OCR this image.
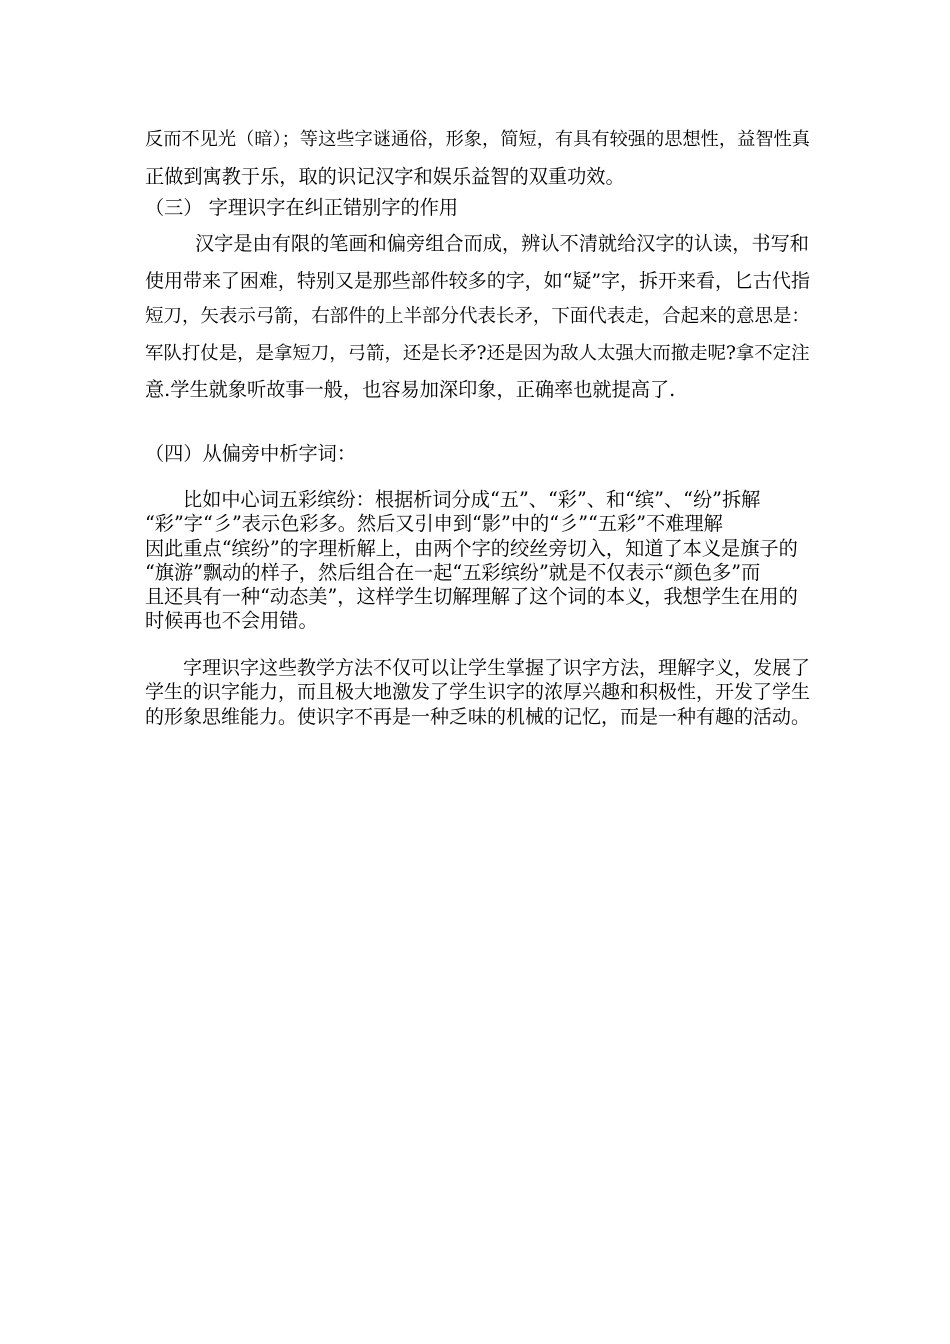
反而不见光（暗）；等这些字谜通俗，形象，简短，有具有较强的思想性，益智性真
正做到寓教于乐，取的识记汉字和娱乐益智的双重功效。
（三） 字理识字在纠正错别字的作用
汉字是由有限的笔画和偏旁组合而成，辨认不清就给汉字的认读，书写和
使用带来了困难，特别又是那些部件较多的字，如“疑”字，拆开来看，匕古代指
短刀，矢表示弓箭，右部件的上半部分代表长矛，下面代表走，合起来的意思是：
军队打仗是，是拿短刀，弓箭，还是长矛?还是因为敌人太强大而撤走呢?拿不定注
意.学生就象听故事一般，也容易加深印象，正确率也就提高了.
（四）从偏旁中析字词：
比如中心词五彩缤纷：根据析词分成“五”、“彩”、和“缤”、“纷”拆解
“彩”字“彡”表示色彩多。然后又引申到“影”中的“彡”“五彩”不难理解
因此重点“缤纷”的字理析解上，由两个字的绞丝旁切入，知道了本义是旗子的
“旗游”飘动的样子，然后组合在一起“五彩缤纷”就是不仅表示“颜色多”而
且还具有一种“动态美”，这样学生切解理解了这个词的本义，我想学生在用的
时候再也不会用错。
字理识字这些教学方法不仅可以让学生掌握了识字方法，理解字义，发展了
学生的识字能力，而且极大地激发了学生识字的浓厚兴趣和积极性，开发了学生
的形象思维能力。使识字不再是一种乏味的机械的记忆，而是一种有趣的活动。
